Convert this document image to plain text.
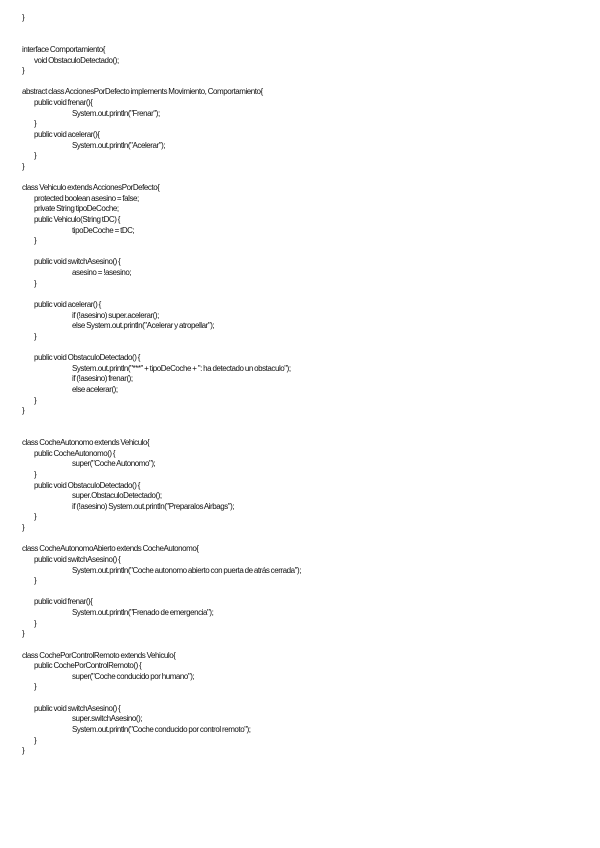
}
interface Comportamiento{
void ObstaculoDetectado();
}
abstract class AccionesPorDefecto implements Movimiento, Comportamiento{
public void frenar(){
System.out.println("Frenar");
}
public void acelerar(){
System.out.println("Acelerar");
}
}
class Vehiculo extends AccionesPorDefecto{
protected boolean asesino = false;
private String tipoDeCoche;
public Vehiculo(String tDC) {
tipoDeCoche = tDC;
}
public void switchAsesino() {
asesino = !asesino;
}
public void acelerar() {
if (!asesino) super.acelerar();
else System.out.println("Acelerar y atropellar");
}
public void ObstaculoDetectado() {
System.out.println("***" + tipoDeCoche + ": ha detectado un obstaculo");
if (!asesino) frenar();
else acelerar();
}
}
class CocheAutonomo extends Vehiculo{
public CocheAutonomo() {
super("Coche Autonomo");
}
public void ObstaculoDetectado() {
super.ObstaculoDetectado();
if (!asesino) System.out.println("Preparalos Airbags");
}
}
class CocheAutonomoAbierto extends CocheAutonomo{
public void switchAsesino() {
System.out.println("Coche autonomo abierto con puerta de atrás cerrada");
}
public void frenar(){
System.out.println("Frenado de emergencia");
}
}
class CochePorControlRemoto extends Vehiculo{
public CochePorControlRemoto() {
super("Coche conducido por humano");
}
public void switchAsesino() {
super.switchAsesino();
System.out.println("Coche conducido por control remoto");
}
}
